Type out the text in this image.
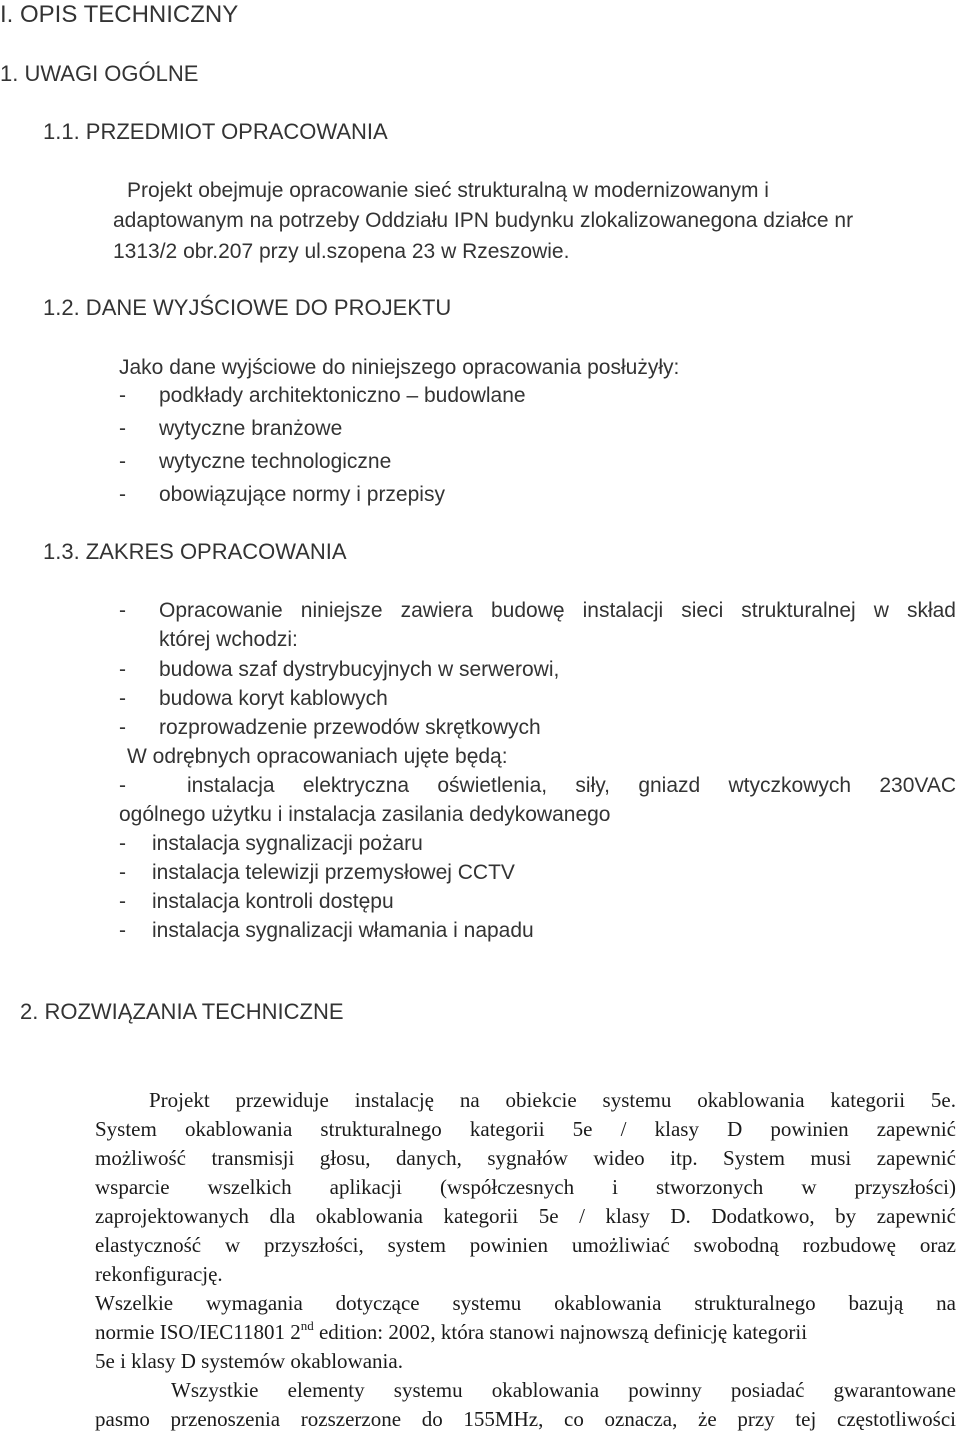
I. OPIS TECHNICZNY
1. UWAGI OGÓLNE
1.1. PRZEDMIOT OPRACOWANIA
Projekt obejmuje opracowanie sieć strukturalną w modernizowanym i
adaptowanym na potrzeby Oddziału IPN budynku zlokalizowanegona działce nr
1313/2 obr.207 przy ul.szopena 23 w Rzeszowie.
1.2. DANE WYJŚCIOWE DO PROJEKTU
Jako dane wyjściowe do niniejszego opracowania posłużyły:
- podkłady architektoniczno – budowlane
- wytyczne branżowe
- wytyczne technologiczne
- obowiązujące normy i przepisy
1.3. ZAKRES OPRACOWANIA
- Opracowanie niniejsze zawiera budowę instalacji sieci strukturalnej w skład
której wchodzi:
- budowa szaf dystrybucyjnych w serwerowi,
- budowa koryt kablowych
- rozprowadzenie przewodów skrętkowych
W odrębnych opracowaniach ujęte będą:
-	instalacja elektryczna oświetlenia, siły, gniazd wtyczkowych 230VAC
ogólnego użytku i instalacja zasilania dedykowanego
- instalacja sygnalizacji pożaru
- instalacja telewizji przemysłowej CCTV
- instalacja kontroli dostępu
- instalacja sygnalizacji włamania i napadu
2. ROZWIĄZANIA TECHNICZNE
Projekt przewiduje instalację na obiekcie systemu okablowania kategorii 5e.
System okablowania strukturalnego kategorii 5e / klasy D powinien zapewnić
możliwość transmisji głosu, danych, sygnałów wideo itp. System musi zapewnić
wsparcie wszelkich aplikacji (współczesnych i stworzonych w przyszłości)
zaprojektowanych dla okablowania kategorii 5e / klasy D. Dodatkowo, by zapewnić
elastyczność w przyszłości, system powinien umożliwiać swobodną rozbudowę oraz
rekonfigurację.
Wszelkie wymagania dotyczące systemu okablowania strukturalnego bazują na
normie ISO/IEC11801 2nd edition: 2002, która stanowi najnowszą definicję kategorii
5e i klasy D systemów okablowania.
Wszystkie elementy systemu okablowania powinny posiadać gwarantowane
pasmo przenoszenia rozszerzone do 155MHz, co oznacza, że przy tej częstotliwości
